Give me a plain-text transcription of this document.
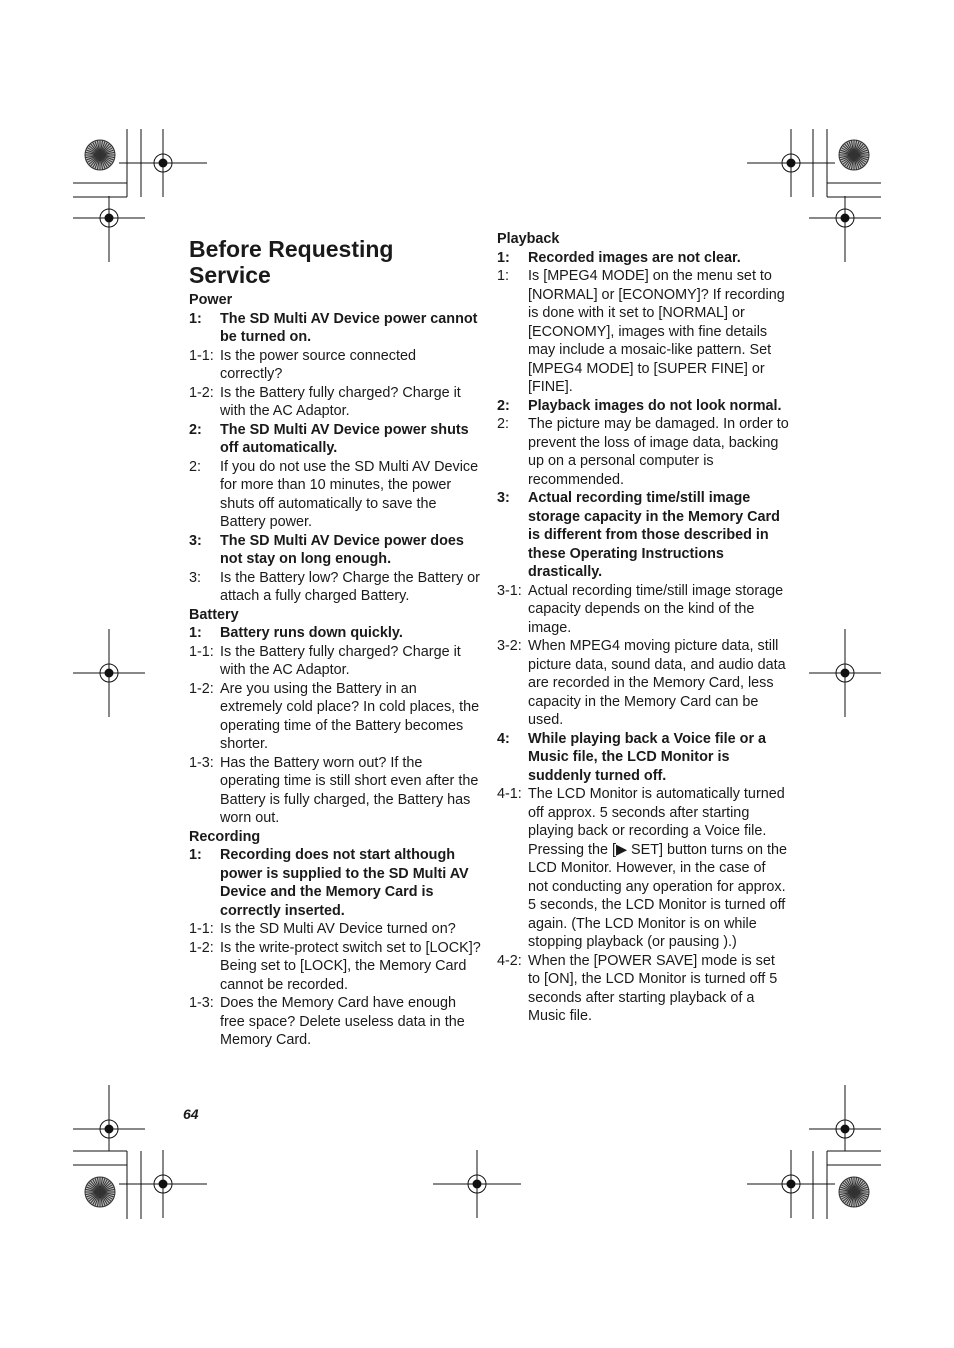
Before Requesting
Service
Power
1:	The SD Multi AV Device power cannot be turned on.
1-1: Is the power source connected correctly?
1-2: Is the Battery fully charged? Charge it with the AC Adaptor.
2:	The SD Multi AV Device power shuts off automatically.
2:	If you do not use the SD Multi AV Device for more than 10 minutes, the power shuts off automatically to save the Battery power.
3:	The SD Multi AV Device power does not stay on long enough.
3:	Is the Battery low? Charge the Battery or attach a fully charged Battery.
Battery
1:	Battery runs down quickly.
1-1: Is the Battery fully charged? Charge it with the AC Adaptor.
1-2: Are you using the Battery in an extremely cold place? In cold places, the operating time of the Battery becomes shorter.
1-3: Has the Battery worn out? If the operating time is still short even after the Battery is fully charged, the Battery has worn out.
Recording
1:	Recording does not start although power is supplied to the SD Multi AV Device and the Memory Card is correctly inserted.
1-1: Is the SD Multi AV Device turned on?
1-2: Is the write-protect switch set to [LOCK]? Being set to [LOCK], the Memory Card cannot be recorded.
1-3: Does the Memory Card have enough free space? Delete useless data in the Memory Card.
Playback
1:	Recorded images are not clear.
1:	Is [MPEG4 MODE] on the menu set to [NORMAL] or [ECONOMY]? If recording is done with it set to [NORMAL] or [ECONOMY], images with fine details may include a mosaic-like pattern. Set [MPEG4 MODE] to [SUPER FINE] or [FINE].
2:	Playback images do not look normal.
2:	The picture may be damaged. In order to prevent the loss of image data, backing up on a personal computer is recommended.
3:	Actual recording time/still image storage capacity in the Memory Card is different from those described in these Operating Instructions drastically.
3-1: Actual recording time/still image storage capacity depends on the kind of the image.
3-2: When MPEG4 moving picture data, still picture data, sound data, and audio data are recorded in the Memory Card, less capacity in the Memory Card can be used.
4:	While playing back a Voice file or a Music file, the LCD Monitor is suddenly turned off.
4-1: The LCD Monitor is automatically turned off approx. 5 seconds after starting playing back or recording a Voice file. Pressing the [▶ SET] button turns on the LCD Monitor. However, in the case of not conducting any operation for approx. 5 seconds, the LCD Monitor is turned off again. (The LCD Monitor is on while stopping playback (or pausing ).)
4-2: When the [POWER SAVE] mode is set to [ON], the LCD Monitor is turned off 5 seconds after starting playback of a Music file.
64
